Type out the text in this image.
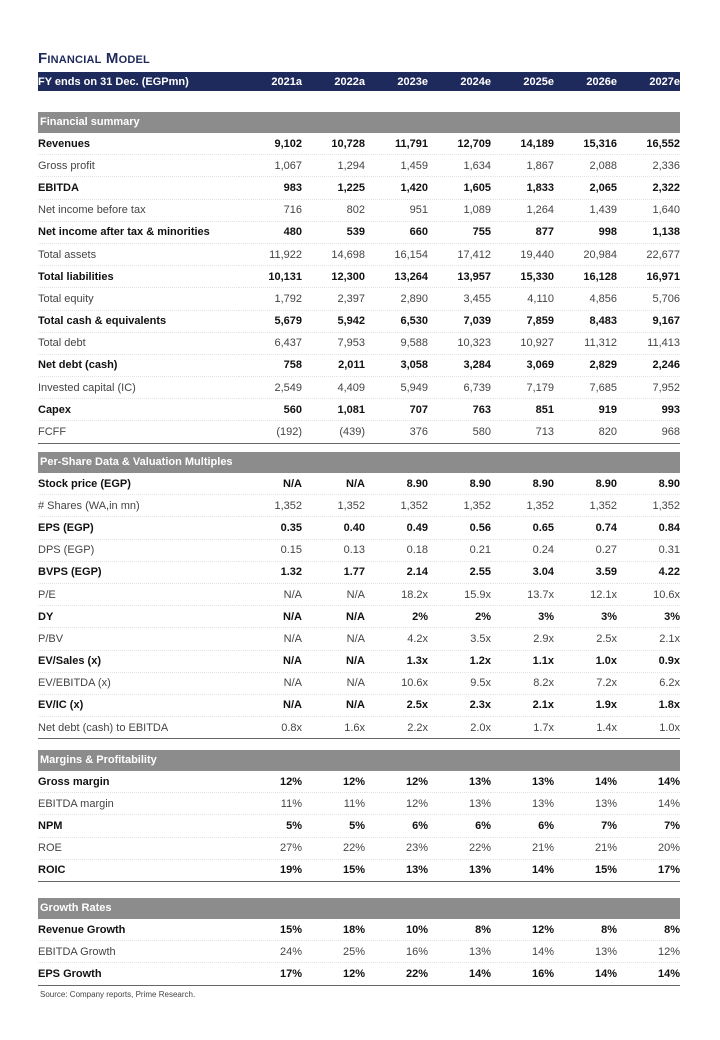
Financial Model
FY ends on 31 Dec. (EGPmn)	2021a	2022a	2023e	2024e	2025e	2026e	2027e
Financial summary
Revenues	9,102	10,728	11,791	12,709	14,189	15,316	16,552
Gross profit	1,067	1,294	1,459	1,634	1,867	2,088	2,336
EBITDA	983	1,225	1,420	1,605	1,833	2,065	2,322
Net income before tax	716	802	951	1,089	1,264	1,439	1,640
Net income after tax & minorities	480	539	660	755	877	998	1,138
Total assets	11,922	14,698	16,154	17,412	19,440	20,984	22,677
Total liabilities	10,131	12,300	13,264	13,957	15,330	16,128	16,971
Total equity	1,792	2,397	2,890	3,455	4,110	4,856	5,706
Total cash & equivalents	5,679	5,942	6,530	7,039	7,859	8,483	9,167
Total debt	6,437	7,953	9,588	10,323	10,927	11,312	11,413
Net debt (cash)	758	2,011	3,058	3,284	3,069	2,829	2,246
Invested capital (IC)	2,549	4,409	5,949	6,739	7,179	7,685	7,952
Capex	560	1,081	707	763	851	919	993
FCFF	(192)	(439)	376	580	713	820	968
Per-Share Data & Valuation Multiples
Stock price (EGP)	N/A	N/A	8.90	8.90	8.90	8.90	8.90
# Shares (WA,in mn)	1,352	1,352	1,352	1,352	1,352	1,352	1,352
EPS (EGP)	0.35	0.40	0.49	0.56	0.65	0.74	0.84
DPS (EGP)	0.15	0.13	0.18	0.21	0.24	0.27	0.31
BVPS (EGP)	1.32	1.77	2.14	2.55	3.04	3.59	4.22
P/E	N/A	N/A	18.2x	15.9x	13.7x	12.1x	10.6x
DY	N/A	N/A	2%	2%	3%	3%	3%
P/BV	N/A	N/A	4.2x	3.5x	2.9x	2.5x	2.1x
EV/Sales (x)	N/A	N/A	1.3x	1.2x	1.1x	1.0x	0.9x
EV/EBITDA (x)	N/A	N/A	10.6x	9.5x	8.2x	7.2x	6.2x
EV/IC (x)	N/A	N/A	2.5x	2.3x	2.1x	1.9x	1.8x
Net debt (cash) to EBITDA	0.8x	1.6x	2.2x	2.0x	1.7x	1.4x	1.0x
Margins & Profitability
Gross margin	12%	12%	12%	13%	13%	14%	14%
EBITDA margin	11%	11%	12%	13%	13%	13%	14%
NPM	5%	5%	6%	6%	6%	7%	7%
ROE	27%	22%	23%	22%	21%	21%	20%
ROIC	19%	15%	13%	13%	14%	15%	17%
Growth Rates
Revenue Growth	15%	18%	10%	8%	12%	8%	8%
EBITDA Growth	24%	25%	16%	13%	14%	13%	12%
EPS Growth	17%	12%	22%	14%	16%	14%	14%
Source: Company reports, Prime Research.
